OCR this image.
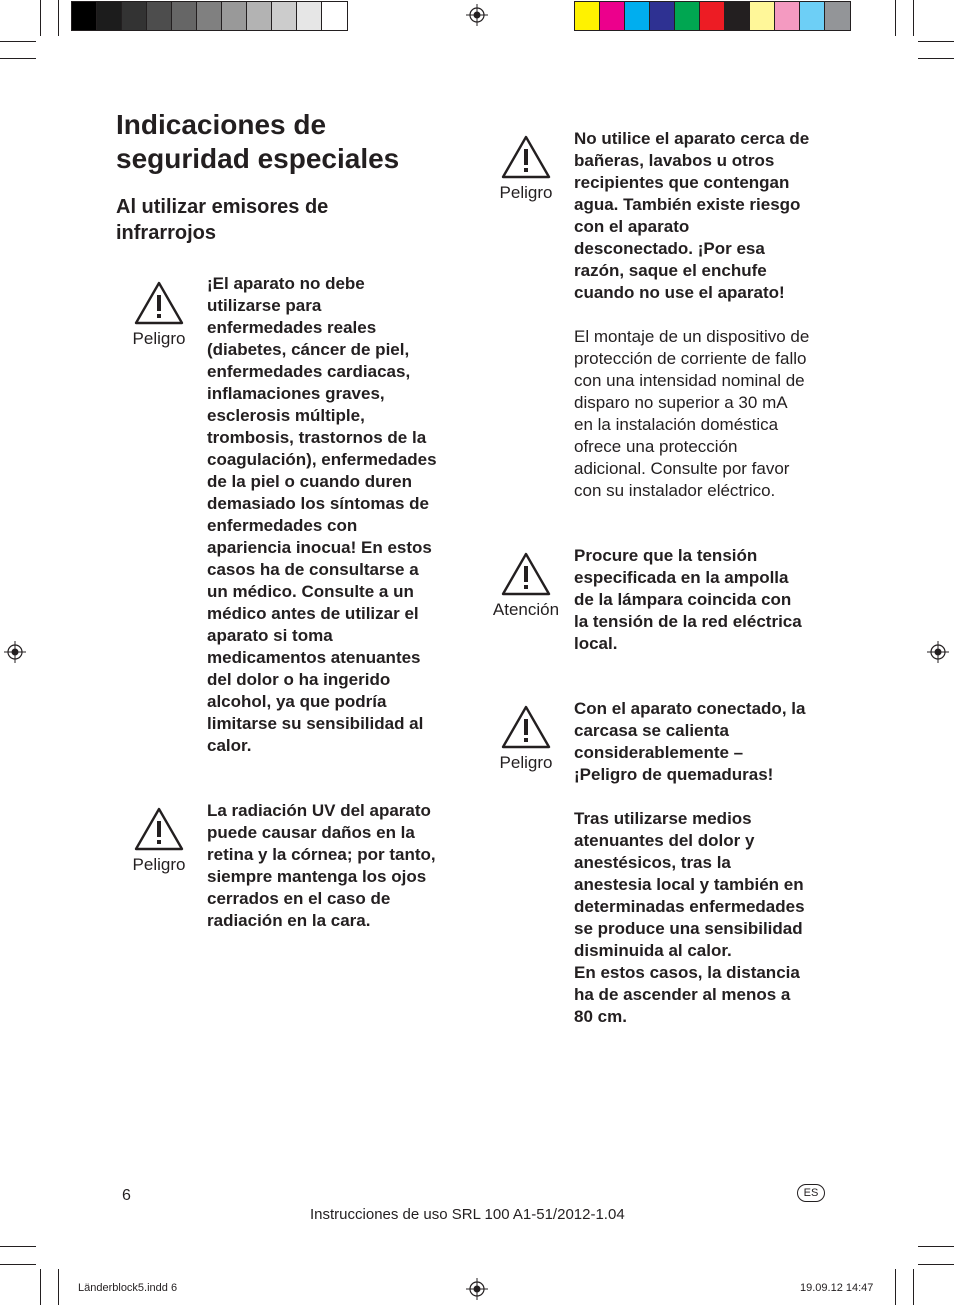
Indicaciones de
seguridad especiales
Al utilizar emisores de
infrarrojos
Peligro

¡El aparato no debe
utilizarse para
enfermedades reales
(diabetes, cáncer de piel,
enfermedades cardiacas,
inflamaciones graves,
esclerosis múltiple,
trombosis, trastornos de la
coagulación), enfermedades
de la piel o cuando duren
demasiado los síntomas de
enfermedades con
apariencia inocua! En estos
casos ha de consultarse a
un médico. Consulte a un
médico antes de utilizar el
aparato si toma
medicamentos atenuantes
del dolor o ha ingerido
alcohol, ya que podría
limitarse su sensibilidad al
calor.

Peligro

La radiación UV del aparato
puede causar daños en la
retina y la córnea; por tanto,
siempre mantenga los ojos
cerrados en el caso de
radiación en la cara.

Peligro

No utilice el aparato cerca de
bañeras, lavabos u otros
recipientes que contengan
agua. También existe riesgo
con el aparato
desconectado. ¡Por esa
razón, saque el enchufe
cuando no use el aparato!

El montaje de un dispositivo de
protección de corriente de fallo
con una intensidad nominal de
disparo no superior a 30 mA
en la instalación doméstica
ofrece una protección
adicional. Consulte por favor
con su instalador eléctrico.

Atención

Procure que la tensión
especificada en la ampolla
de la lámpara coincida con
la tensión de la red eléctrica
local.

Peligro

Con el aparato conectado, la
carcasa se calienta
considerablemente –
¡Peligro de quemaduras!

Tras utilizarse medios
atenuantes del dolor y
anestésicos, tras la
anestesia local y también en
determinadas enfermedades
se produce una sensibilidad
disminuida al calor.
En estos casos, la distancia
ha de ascender al menos a
80 cm.

6	ES
Instrucciones de uso SRL 100 A1-51/2012-1.04
Länderblock5.indd 6	19.09.12 14:47
